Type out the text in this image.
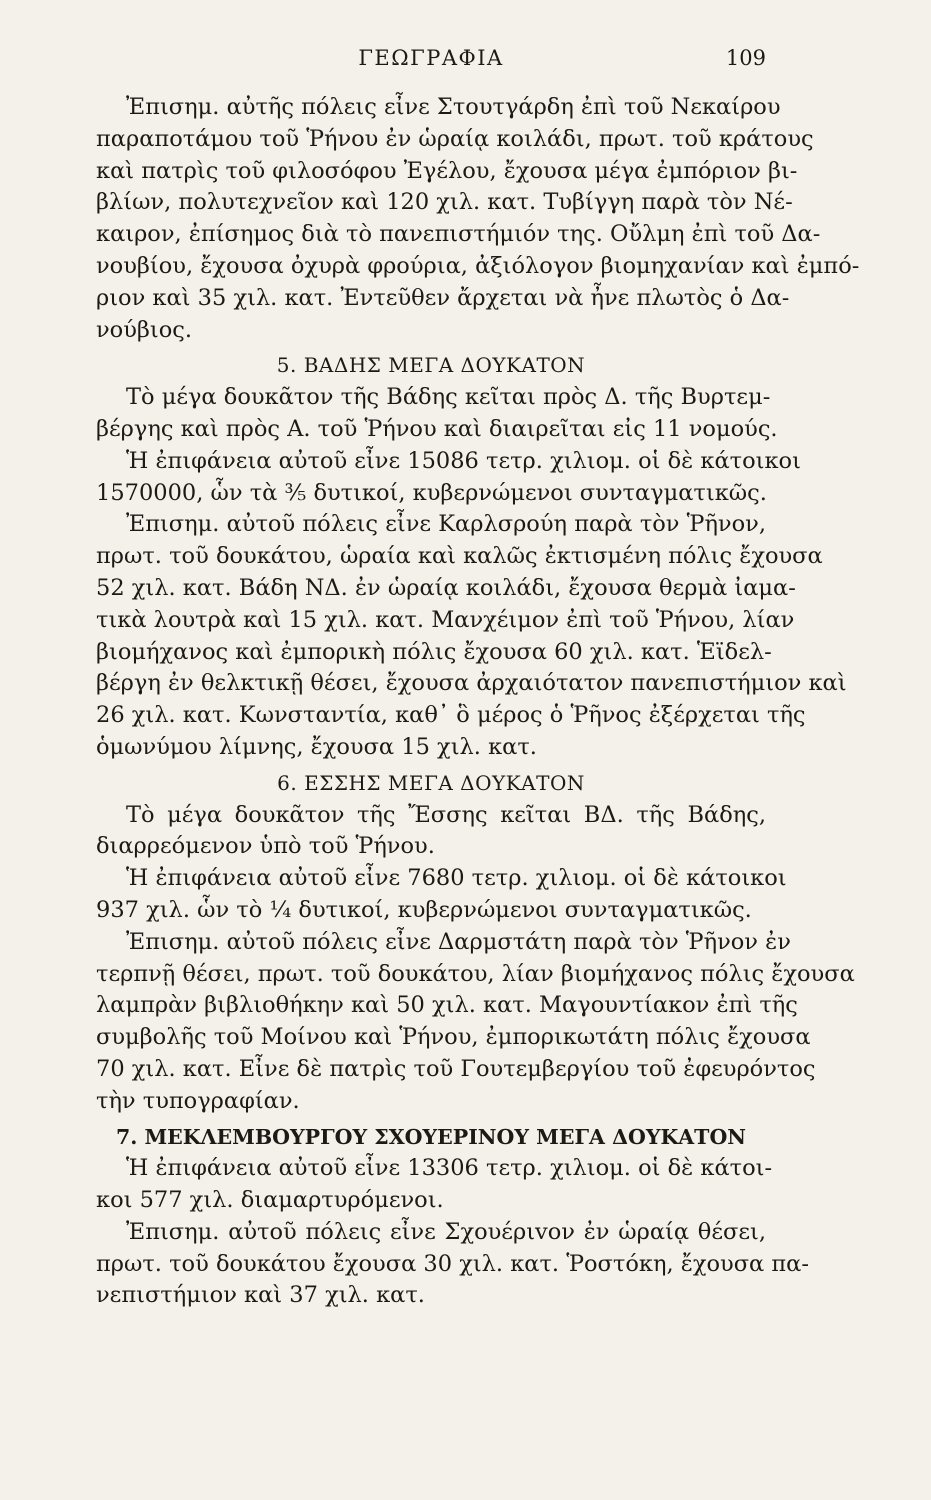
ΓΕΩΓΡΑΦΙΑ	109
Ἐπισημ. αὐτῆς πόλεις εἶνε Στουτγάρδη ἐπὶ τοῦ Νεκαίρου
παραποτάμου τοῦ Ῥήνου ἐν ὡραίᾳ κοιλάδι, πρωτ. τοῦ κράτους
καὶ πατρὶς τοῦ φιλοσόφου Ἐγέλου, ἔχουσα μέγα ἐμπόριον βι-
βλίων, πολυτεχνεῖον καὶ 120 χιλ. κατ. Τυβίγγη παρὰ τὸν Νέ-
καιρον, ἐπίσημος διὰ τὸ πανεπιστήμιόν της. Οὔλμη ἐπὶ τοῦ Δα-
νουβίου, ἔχουσα ὀχυρὰ φρούρια, ἀξιόλογον βιομηχανίαν καὶ ἐμπό-
ριον καὶ 35 χιλ. κατ. Ἐντεῦθεν ἄρχεται νὰ ἦνε πλωτὸς ὁ Δα-
νούβιος.
5. ΒΑΔΗΣ ΜΕΓΑ ΔΟΥΚΑΤΟΝ
Τὸ μέγα δουκᾶτον τῆς Βάδης κεῖται πρὸς Δ. τῆς Βυρτεμ-
βέργης καὶ πρὸς Α. τοῦ Ῥήνου καὶ διαιρεῖται εἰς 11 νομούς.
Ἡ ἐπιφάνεια αὐτοῦ εἶνε 15086 τετρ. χιλιομ. οἱ δὲ κάτοικοι
1570000, ὧν τὰ ⅗ δυτικοί, κυβερνώμενοι συνταγματικῶς.
Ἐπισημ. αὐτοῦ πόλεις εἶνε Καρλσρούη παρὰ τὸν Ῥῆνον,
πρωτ. τοῦ δουκάτου, ὡραία καὶ καλῶς ἐκτισμένη πόλις ἔχουσα
52 χιλ. κατ. Βάδη ΝΔ. ἐν ὡραίᾳ κοιλάδι, ἔχουσα θερμὰ ἰαμα-
τικὰ λουτρὰ καὶ 15 χιλ. κατ. Μανχέιμον ἐπὶ τοῦ Ῥήνου, λίαν
βιομήχανος καὶ ἐμπορικὴ πόλις ἔχουσα 60 χιλ. κατ. Ἑϊδελ-
βέργη ἐν θελκτικῇ θέσει, ἔχουσα ἀρχαιότατον πανεπιστήμιον καὶ
26 χιλ. κατ. Κωνσταντία, καθ᾽ ὃ μέρος ὁ Ῥῆνος ἐξέρχεται τῆς
ὁμωνύμου λίμνης, ἔχουσα 15 χιλ. κατ.
6. ΕΣΣΗΣ ΜΕΓΑ ΔΟΥΚΑΤΟΝ
Τὸ μέγα δουκᾶτον τῆς Ἔσσης κεῖται ΒΔ. τῆς Βάδης,
διαρρεόμενον ὑπὸ τοῦ Ῥήνου.
Ἡ ἐπιφάνεια αὐτοῦ εἶνε 7680 τετρ. χιλιομ. οἱ δὲ κάτοικοι
937 χιλ. ὧν τὸ ¼ δυτικοί, κυβερνώμενοι συνταγματικῶς.
Ἐπισημ. αὐτοῦ πόλεις εἶνε Δαρμστάτη παρὰ τὸν Ῥῆνον ἐν
τερπνῇ θέσει, πρωτ. τοῦ δουκάτου, λίαν βιομήχανος πόλις ἔχουσα
λαμπρὰν βιβλιοθήκην καὶ 50 χιλ. κατ. Μαγουντίακον ἐπὶ τῆς
συμβολῆς τοῦ Μοίνου καὶ Ῥήνου, ἐμπορικωτάτη πόλις ἔχουσα
70 χιλ. κατ. Εἶνε δὲ πατρὶς τοῦ Γουτεμβεργίου τοῦ ἐφευρόντος
τὴν τυπογραφίαν.
7. ΜΕΚΛΕΜΒΟΥΡΓΟΥ ΣΧΟΥΕΡΙΝΟΥ ΜΕΓΑ ΔΟΥΚΑΤΟΝ
Ἡ ἐπιφάνεια αὐτοῦ εἶνε 13306 τετρ. χιλιομ. οἱ δὲ κάτοι-
κοι 577 χιλ. διαμαρτυρόμενοι.
Ἐπισημ. αὐτοῦ πόλεις εἶνε Σχουέριvον ἐν ὡραίᾳ θέσει,
πρωτ. τοῦ δουκάτου ἔχουσα 30 χιλ. κατ. Ῥοστόκη, ἔχουσα πα-
νεπιστήμιον καὶ 37 χιλ. κατ.
